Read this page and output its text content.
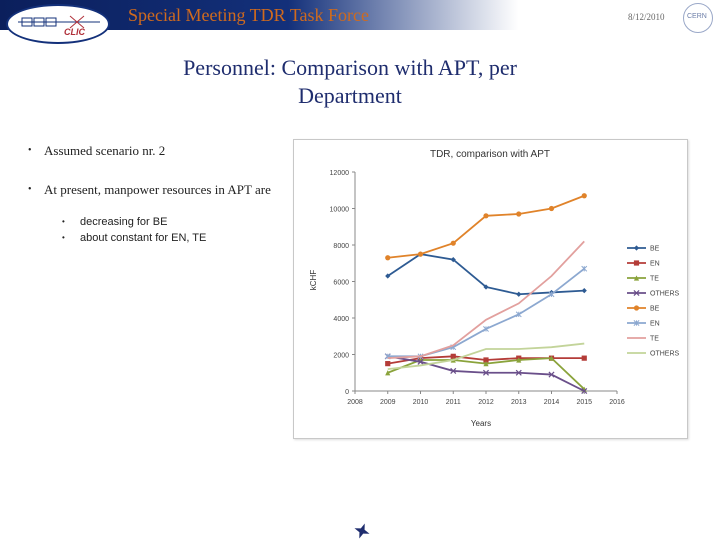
CLIC
Special Meeting TDR Task Force	8/12/2010	CERN
Personnel: Comparison with APT, per
Department
• Assumed scenario nr. 2
• At present, manpower resources in APT are
•	decreasing for BE
•	about constant for EN, TE
TDR, comparison with APT
Years
kCHF
0
2000
4000
6000
8000
10000
12000
2008 2009 2010 2011 2012 2013 2014 2015 2016
BE
EN
TE
OTHERS
BE
EN
TE
OTHERS
